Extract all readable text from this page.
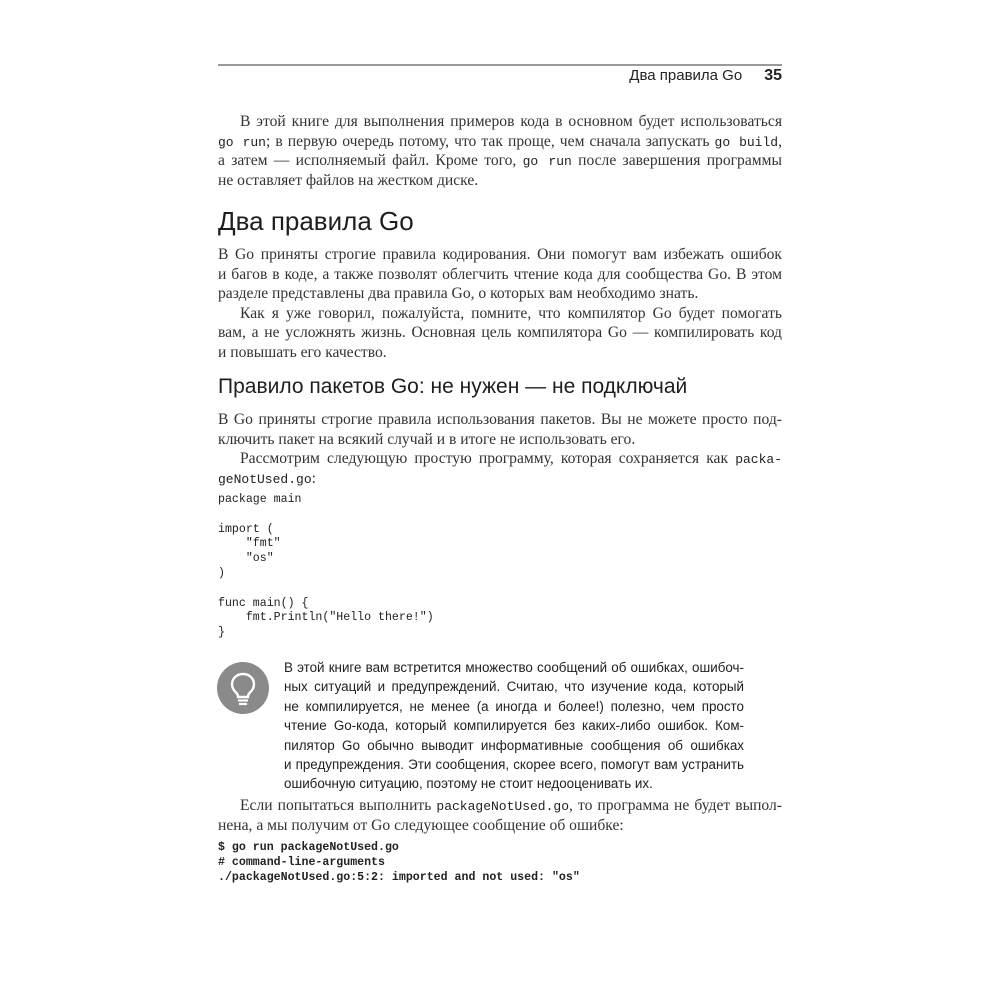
Два правила Go 35
В этой книге для выполнения примеров кода в основном будет использоваться
go run; в первую очередь потому, что так проще, чем сначала запускать go build,
а затем — исполняемый файл. Кроме того, go run после завершения программы
не оставляет файлов на жестком диске.
Два правила Go
В Go приняты строгие правила кодирования. Они помогут вам избежать ошибок
и багов в коде, а также позволят облегчить чтение кода для сообщества Go. В этом
разделе представлены два правила Go, о которых вам необходимо знать.
Как я уже говорил, пожалуйста, помните, что компилятор Go будет помогать
вам, а не усложнять жизнь. Основная цель компилятора Go — компилировать код
и повышать его качество.
Правило пакетов Go: не нужен — не подключай
В Go приняты строгие правила использования пакетов. Вы не можете просто под-
ключить пакет на всякий случай и в итоге не использовать его.
Рассмотрим следующую простую программу, которая сохраняется как packa-
geNotUsed.go:
package main

import (
"fmt"
"os"
)

func main() {
fmt.Println("Hello there!")
}
В этой книге вам встретится множество сообщений об ошибках, ошибоч-
ных ситуаций и предупреждений. Считаю, что изучение кода, который
не компилируется, не менее (а иногда и более!) полезно, чем просто
чтение Go-кода, который компилируется без каких-либо ошибок. Ком-
пилятор Go обычно выводит информативные сообщения об ошибках
и предупреждения. Эти сообщения, скорее всего, помогут вам устранить
ошибочную ситуацию, поэтому не стоит недооценивать их.
Если попытаться выполнить packageNotUsed.go, то программа не будет выпол-
нена, а мы получим от Go следующее сообщение об ошибке:
$ go run packageNotUsed.go
# command-line-arguments
./packageNotUsed.go:5:2: imported and not used: "os"
